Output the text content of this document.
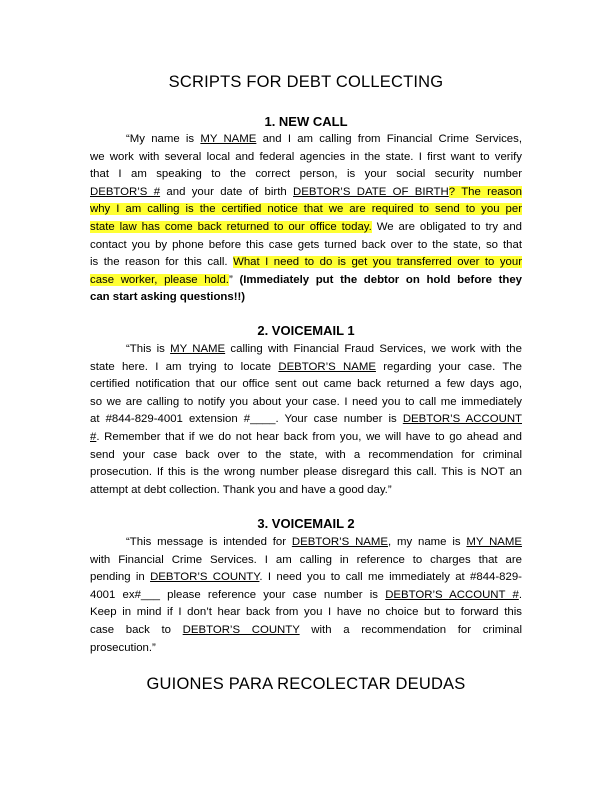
SCRIPTS FOR DEBT COLLECTING
1. NEW CALL
“My name is MY NAME and I am calling from Financial Crime Services,
we work with several local and federal agencies in the state. I first want to verify
that I am speaking to the correct person, is your social security number
DEBTOR’S # and your date of birth DEBTOR’S DATE OF BIRTH? The reason
why I am calling is the certified notice that we are required to send to you per
state law has come back returned to our office today. We are obligated to try and
contact you by phone before this case gets turned back over to the state, so that
is the reason for this call. What I need to do is get you transferred over to your
case worker, please hold.” (Immediately put the debtor on hold before they
can start asking questions!!)
2. VOICEMAIL 1
“This is MY NAME calling with Financial Fraud Services, we work with the
state here. I am trying to locate DEBTOR’S NAME regarding your case. The
certified notification that our office sent out came back returned a few days ago,
so we are calling to notify you about your case. I need you to call me immediately
at #844-829-4001 extension #____. Your case number is DEBTOR’S ACCOUNT
#. Remember that if we do not hear back from you, we will have to go ahead and
send your case back over to the state, with a recommendation for criminal
prosecution. If this is the wrong number please disregard this call. This is NOT an
attempt at debt collection. Thank you and have a good day.”
3. VOICEMAIL 2
“This message is intended for DEBTOR’S NAME, my name is MY NAME
with Financial Crime Services. I am calling in reference to charges that are
pending in DEBTOR’S COUNTY. I need you to call me immediately at #844-829-
4001 ex#___ please reference your case number is DEBTOR’S ACCOUNT #.
Keep in mind if I don’t hear back from you I have no choice but to forward this
case back to DEBTOR’S COUNTY with a recommendation for criminal
prosecution.”
GUIONES PARA RECOLECTAR DEUDAS
